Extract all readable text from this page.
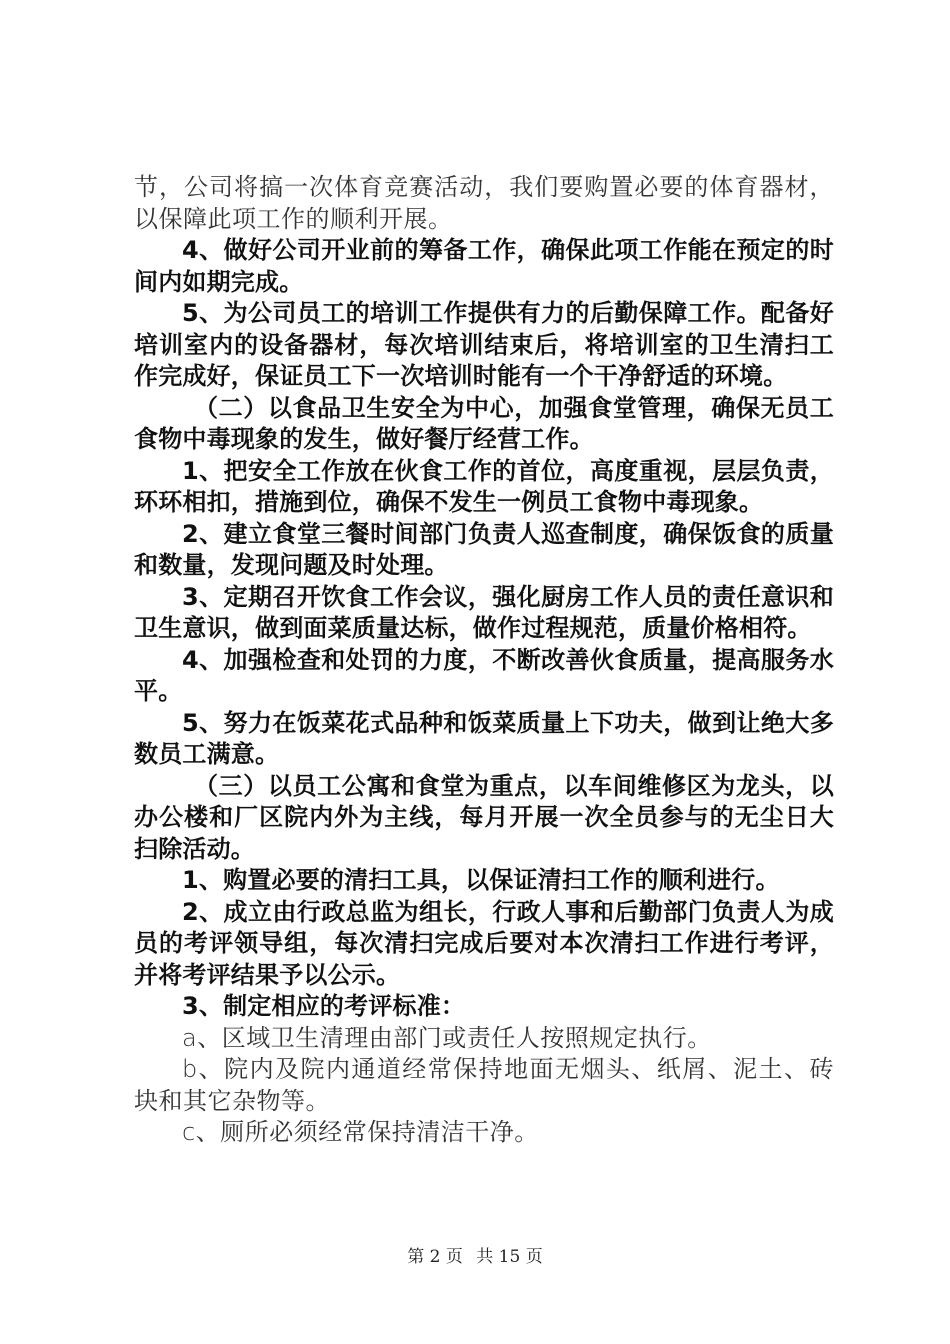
节，公司将搞一次体育竞赛活动，我们要购置必要的体育器材，以保障此项工作的顺利开展。

4、做好公司开业前的筹备工作，确保此项工作能在预定的时间内如期完成。

5、为公司员工的培训工作提供有力的后勤保障工作。配备好培训室内的设备器材，每次培训结束后，将培训室的卫生清扫工作完成好，保证员工下一次培训时能有一个干净舒适的环境。

（二）以食品卫生安全为中心，加强食堂管理，确保无员工食物中毒现象的发生，做好餐厅经营工作。

1、把安全工作放在伙食工作的首位，高度重视，层层负责，环环相扣，措施到位，确保不发生一例员工食物中毒现象。

2、建立食堂三餐时间部门负责人巡查制度，确保饭食的质量和数量，发现问题及时处理。

3、定期召开饮食工作会议，强化厨房工作人员的责任意识和卫生意识，做到面菜质量达标，做作过程规范，质量价格相符。

4、加强检查和处罚的力度，不断改善伙食质量，提高服务水平。

5、努力在饭菜花式品种和饭菜质量上下功夫，做到让绝大多数员工满意。

（三）以员工公寓和食堂为重点，以车间维修区为龙头，以办公楼和厂区院内外为主线，每月开展一次全员参与的无尘日大扫除活动。

1、购置必要的清扫工具，以保证清扫工作的顺利进行。

2、成立由行政总监为组长，行政人事和后勤部门负责人为成员的考评领导组，每次清扫完成后要对本次清扫工作进行考评，并将考评结果予以公示。

3、制定相应的考评标准：

a、区域卫生清理由部门或责任人按照规定执行。

b、院内及院内通道经常保持地面无烟头、纸屑、泥土、砖块和其它杂物等。

c、厕所必须经常保持清洁干净。

第 2 页 共 15 页
